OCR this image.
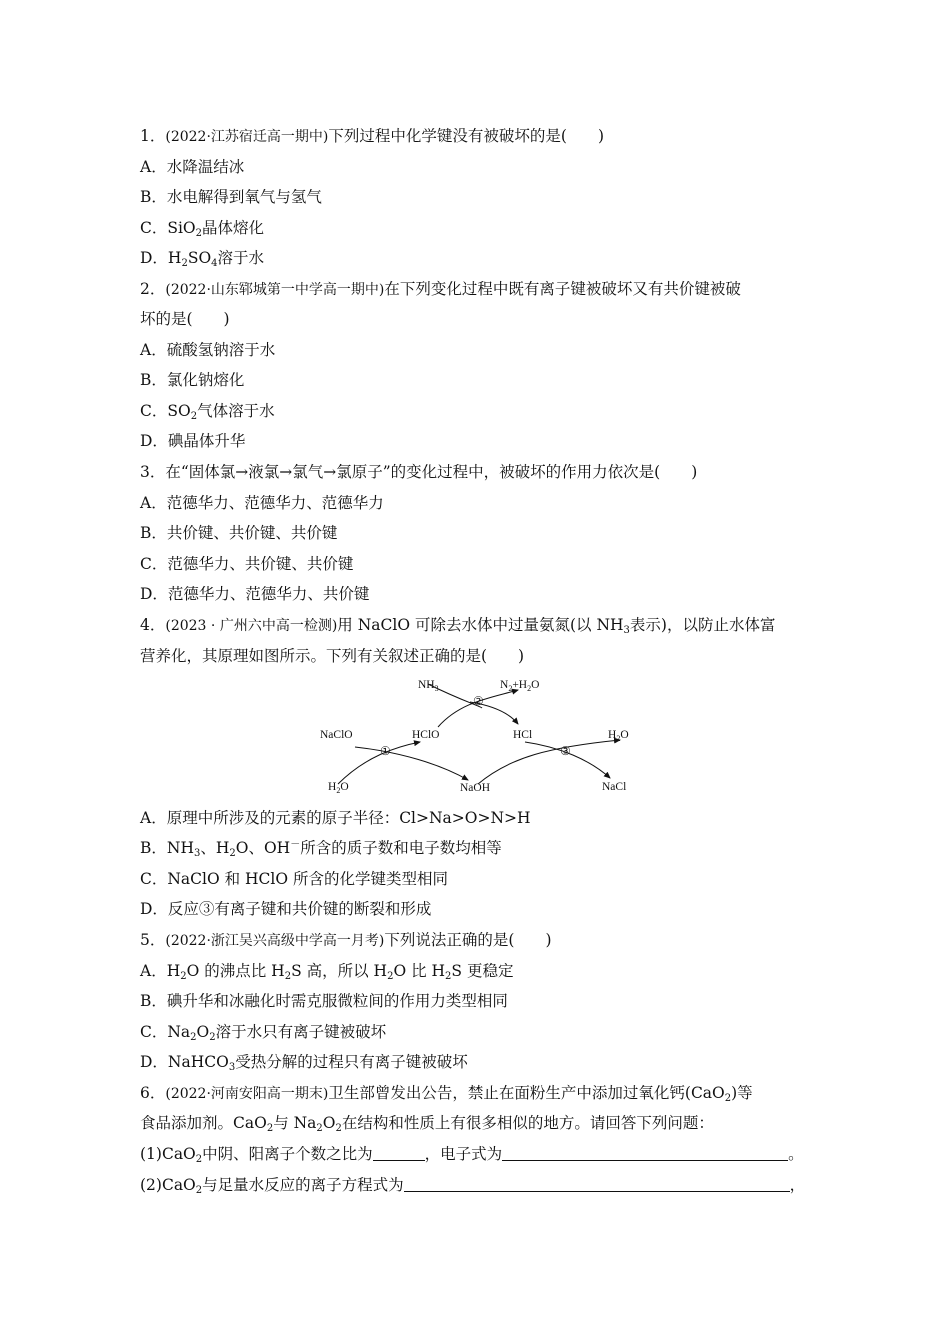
1．(2022·江苏宿迁高一期中)下列过程中化学键没有被破坏的是(　　)
A．水降温结冰
B．水电解得到氧气与氢气
C．SiO$_2$晶体熔化
D．$H_2SO_4$溶于水
2．(2022·山东郓城第一中学高一期中)在下列变化过程中既有离子键被破坏又有共价键被破
坏的是(　　)
A．硫酸氢钠溶于水
B．氯化钠熔化
C．$SO_2$气体溶于水
D．碘晶体升华
3．在“固体氯→液氯→氯气→氯原子”的变化过程中，被破坏的作用力依次是(　　)
A．范德华力、范德华力、范德华力
B．共价键、共价键、共价键
C．范德华力、共价键、共价键
D．范德华力、范德华力、共价键
4．(2023 · 广州六中高一检测)用 NaClO 可除去水体中过量氨氮(以 $NH_3$表示)，以防止水体富
营养化，其原理如图所示。下列有关叙述正确的是(　　)
$NH_3$	$N_2+H_2O$
②
NaClO	HClO	HCl	$H_2O$
①	③
$H_2O$	NaOH	NaCl
A．原理中所涉及的元素的原子半径：Cl>Na>O>N>H
B．$NH_3$、$H_2O$、OH－所含的质子数和电子数均相等
C．NaClO 和 HClO 所含的化学键类型相同
D．反应③有离子键和共价键的断裂和形成
5．(2022·浙江吴兴高级中学高一月考)下列说法正确的是(　　)
A．$H_2O$ 的沸点比 $H_2S$ 高，所以 $H_2O$ 比 $H_2S$ 更稳定
B．碘升华和冰融化时需克服微粒间的作用力类型相同
C．$Na_2O_2$溶于水只有离子键被破坏
D．NaHCO$_3$受热分解的过程只有离子键被破坏
6．(2022·河南安阳高一期末)卫生部曾发出公告，禁止在面粉生产中添加过氧化钙(CaO$_2$)等
食品添加剂。CaO$_2$与 $Na_2O_2$在结构和性质上有很多相似的地方。请回答下列问题：
(1)CaO$_2$中阴、阳离子个数之比为	，电子式为	。
(2)CaO$_2$与足量水反应的离子方程式为	，
